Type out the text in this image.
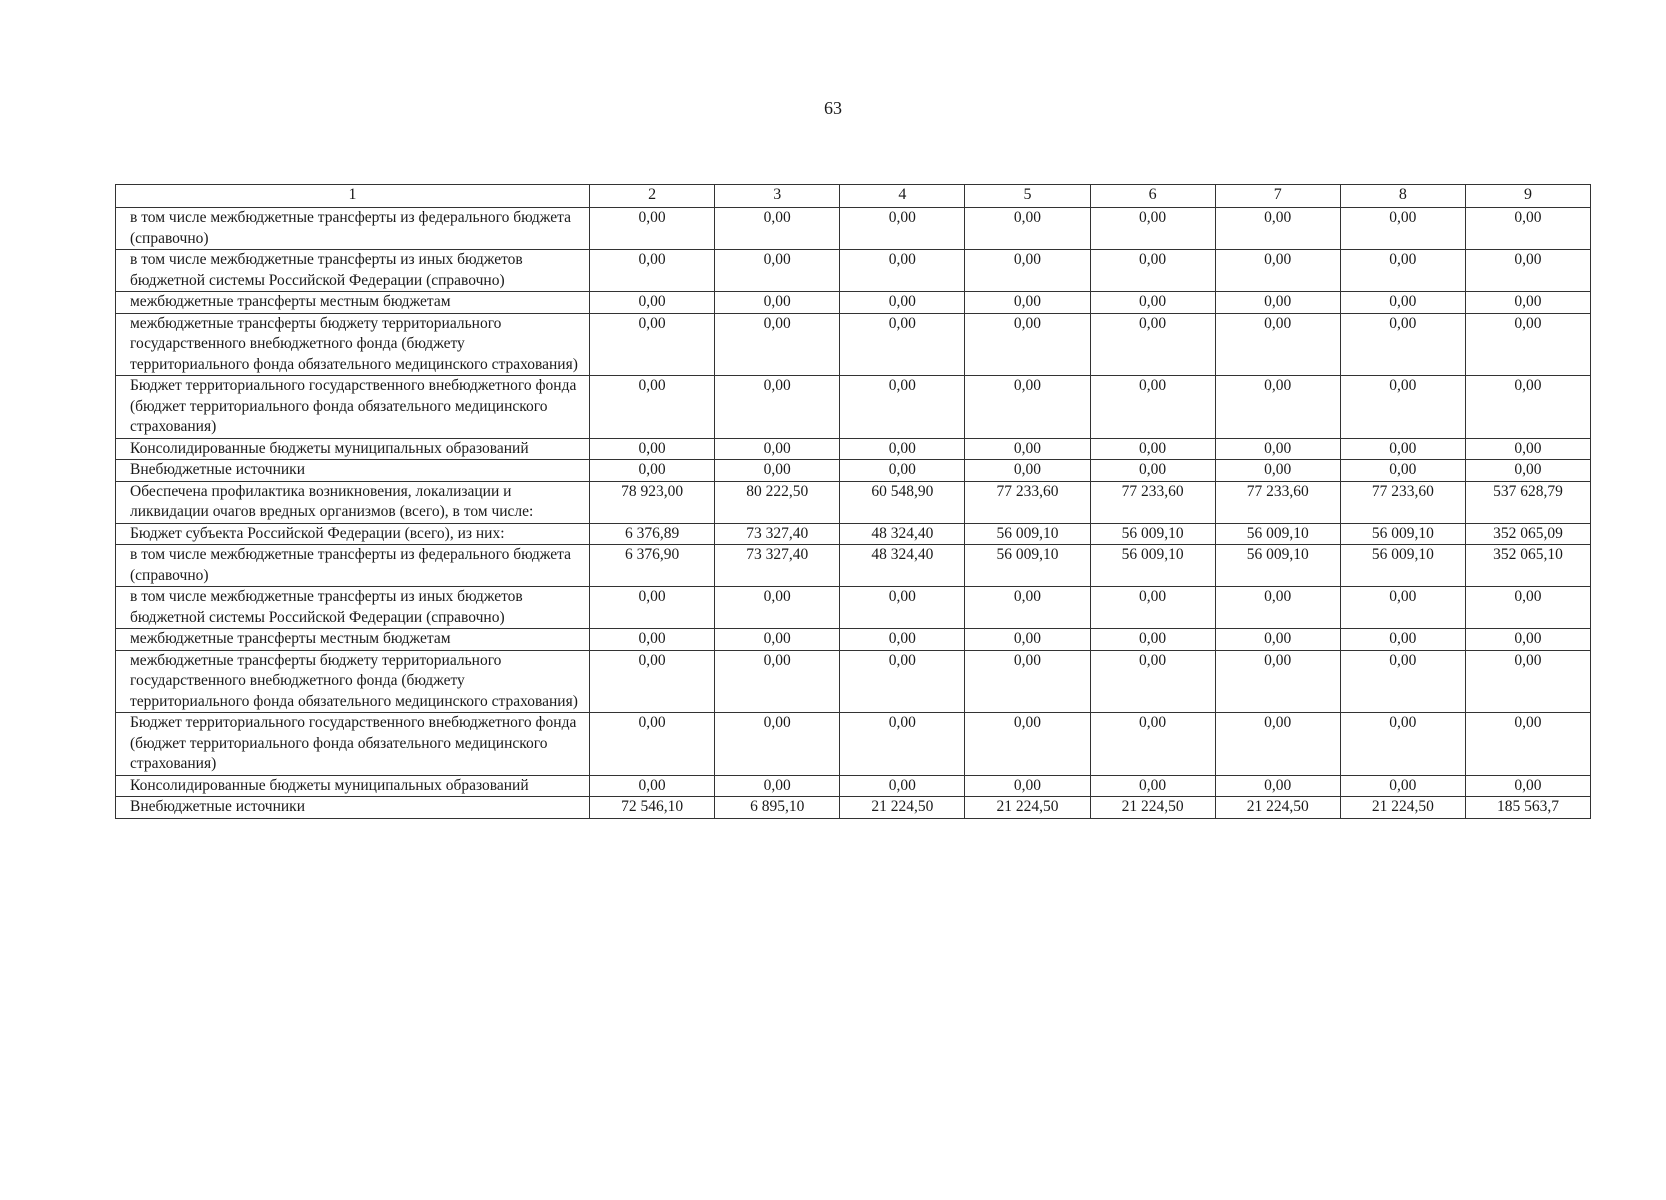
63
1	2	3	4	5	6	7	8	9
в том числе межбюджетные трансферты из федерального бюджета (справочно)	0,00	0,00	0,00	0,00	0,00	0,00	0,00	0,00
в том числе межбюджетные трансферты из иных бюджетов бюджетной системы Российской Федерации (справочно)	0,00	0,00	0,00	0,00	0,00	0,00	0,00	0,00
межбюджетные трансферты местным бюджетам	0,00	0,00	0,00	0,00	0,00	0,00	0,00	0,00
межбюджетные трансферты бюджету территориального государственного внебюджетного фонда (бюджету территориального фонда обязательного медицинского страхования)	0,00	0,00	0,00	0,00	0,00	0,00	0,00	0,00
Бюджет территориального государственного внебюджетного фонда (бюджет территориального фонда обязательного медицинского страхования)	0,00	0,00	0,00	0,00	0,00	0,00	0,00	0,00
Консолидированные бюджеты муниципальных образований	0,00	0,00	0,00	0,00	0,00	0,00	0,00	0,00
Внебюджетные источники	0,00	0,00	0,00	0,00	0,00	0,00	0,00	0,00
Обеспечена профилактика возникновения, локализации и ликвидации очагов вредных организмов (всего), в том числе:	78 923,00	80 222,50	60 548,90	77 233,60	77 233,60	77 233,60	77 233,60	537 628,79
Бюджет субъекта Российской Федерации (всего), из них:	6 376,89	73 327,40	48 324,40	56 009,10	56 009,10	56 009,10	56 009,10	352 065,09
в том числе межбюджетные трансферты из федерального бюджета (справочно)	6 376,90	73 327,40	48 324,40	56 009,10	56 009,10	56 009,10	56 009,10	352 065,10
в том числе межбюджетные трансферты из иных бюджетов бюджетной системы Российской Федерации (справочно)	0,00	0,00	0,00	0,00	0,00	0,00	0,00	0,00
межбюджетные трансферты местным бюджетам	0,00	0,00	0,00	0,00	0,00	0,00	0,00	0,00
межбюджетные трансферты бюджету территориального государственного внебюджетного фонда (бюджету территориального фонда обязательного медицинского страхования)	0,00	0,00	0,00	0,00	0,00	0,00	0,00	0,00
Бюджет территориального государственного внебюджетного фонда (бюджет территориального фонда обязательного медицинского страхования)	0,00	0,00	0,00	0,00	0,00	0,00	0,00	0,00
Консолидированные бюджеты муниципальных образований	0,00	0,00	0,00	0,00	0,00	0,00	0,00	0,00
Внебюджетные источники	72 546,10	6 895,10	21 224,50	21 224,50	21 224,50	21 224,50	21 224,50	185 563,7
